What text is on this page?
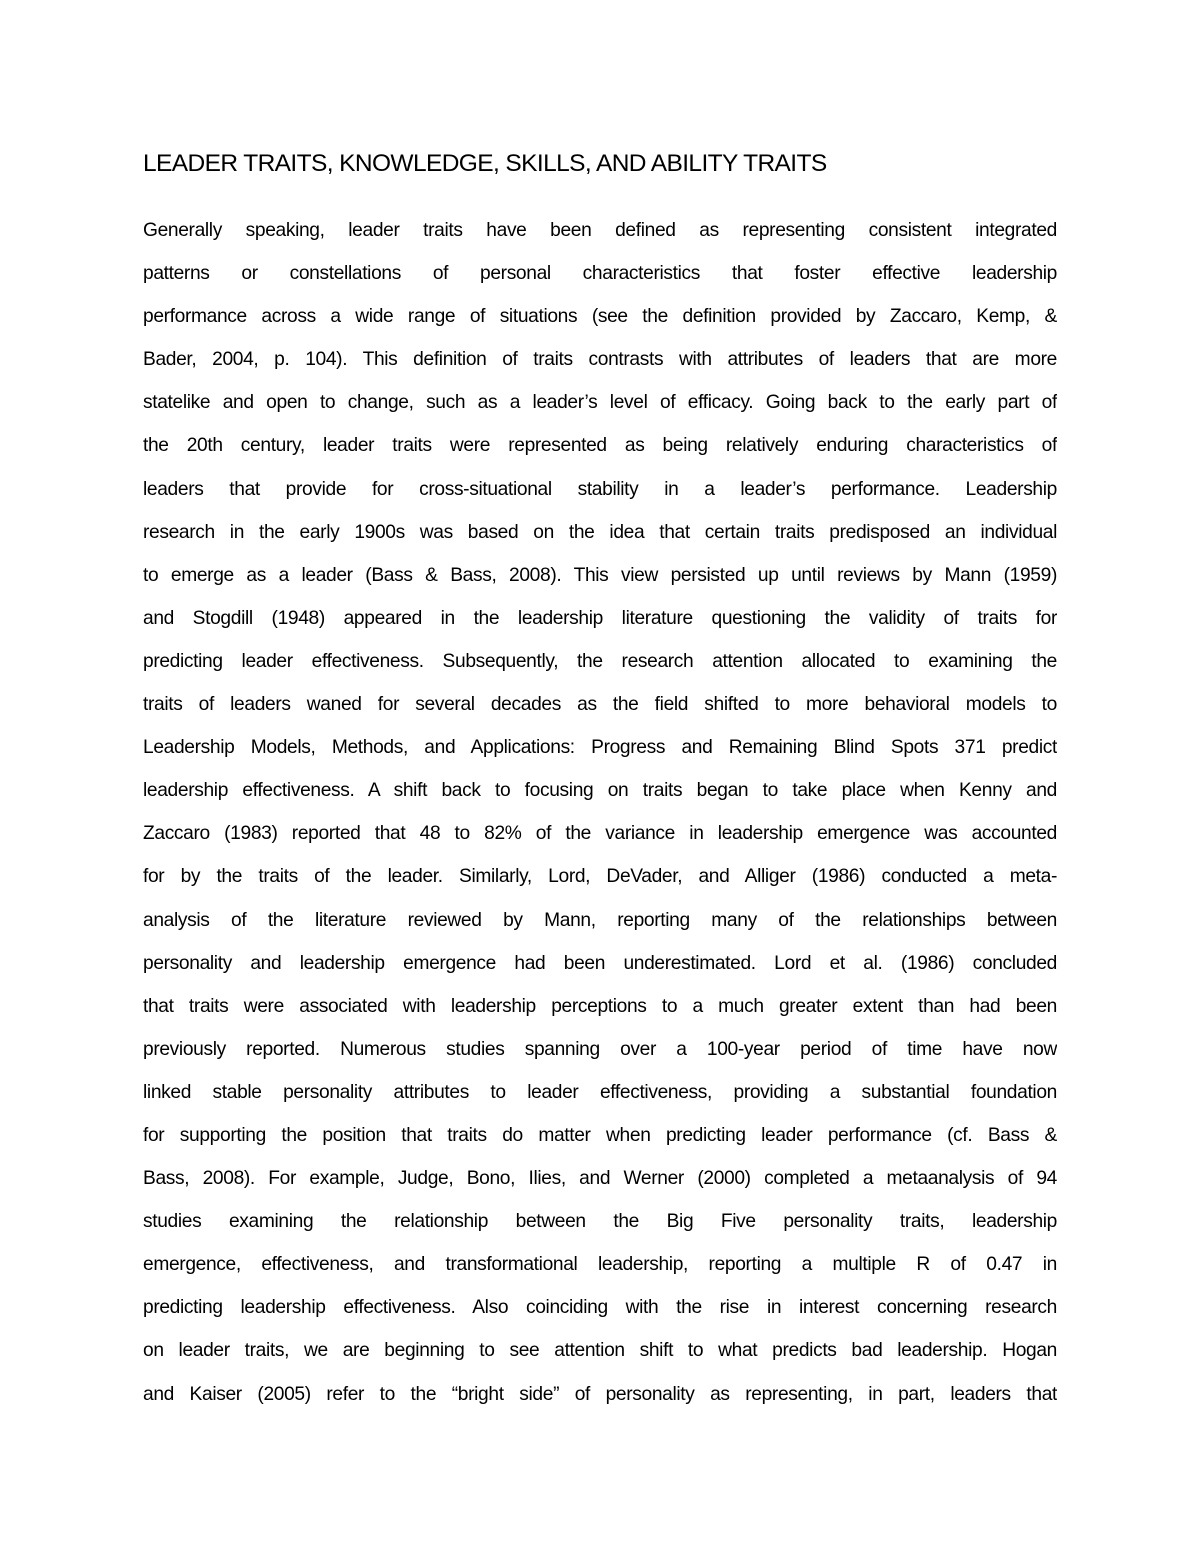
LEADER TRAITS, KNOWLEDGE, SKILLS, AND ABILITY TRAITS
Generally speaking, leader traits have been defined as representing consistent integrated
patterns or constellations of personal characteristics that foster effective leadership
performance across a wide range of situations (see the definition provided by Zaccaro, Kemp, &
Bader, 2004, p. 104). This definition of traits contrasts with attributes of leaders that are more
statelike and open to change, such as a leader’s level of efficacy. Going back to the early part of
the 20th century, leader traits were represented as being relatively enduring characteristics of
leaders that provide for cross-situational stability in a leader’s performance. Leadership
research in the early 1900s was based on the idea that certain traits predisposed an individual
to emerge as a leader (Bass & Bass, 2008). This view persisted up until reviews by Mann (1959)
and Stogdill (1948) appeared in the leadership literature questioning the validity of traits for
predicting leader effectiveness. Subsequently, the research attention allocated to examining the
traits of leaders waned for several decades as the field shifted to more behavioral models to
Leadership Models, Methods, and Applications: Progress and Remaining Blind Spots 371 predict
leadership effectiveness. A shift back to focusing on traits began to take place when Kenny and
Zaccaro (1983) reported that 48 to 82% of the variance in leadership emergence was accounted
for by the traits of the leader. Similarly, Lord, DeVader, and Alliger (1986) conducted a meta-
analysis of the literature reviewed by Mann, reporting many of the relationships between
personality and leadership emergence had been underestimated. Lord et al. (1986) concluded
that traits were associated with leadership perceptions to a much greater extent than had been
previously reported. Numerous studies spanning over a 100-year period of time have now
linked stable personality attributes to leader effectiveness, providing a substantial foundation
for supporting the position that traits do matter when predicting leader performance (cf. Bass &
Bass, 2008). For example, Judge, Bono, Ilies, and Werner (2000) completed a metaanalysis of 94
studies examining the relationship between the Big Five personality traits, leadership
emergence, effectiveness, and transformational leadership, reporting a multiple R of 0.47 in
predicting leadership effectiveness. Also coinciding with the rise in interest concerning research
on leader traits, we are beginning to see attention shift to what predicts bad leadership. Hogan
and Kaiser (2005) refer to the “bright side” of personality as representing, in part, leaders that
